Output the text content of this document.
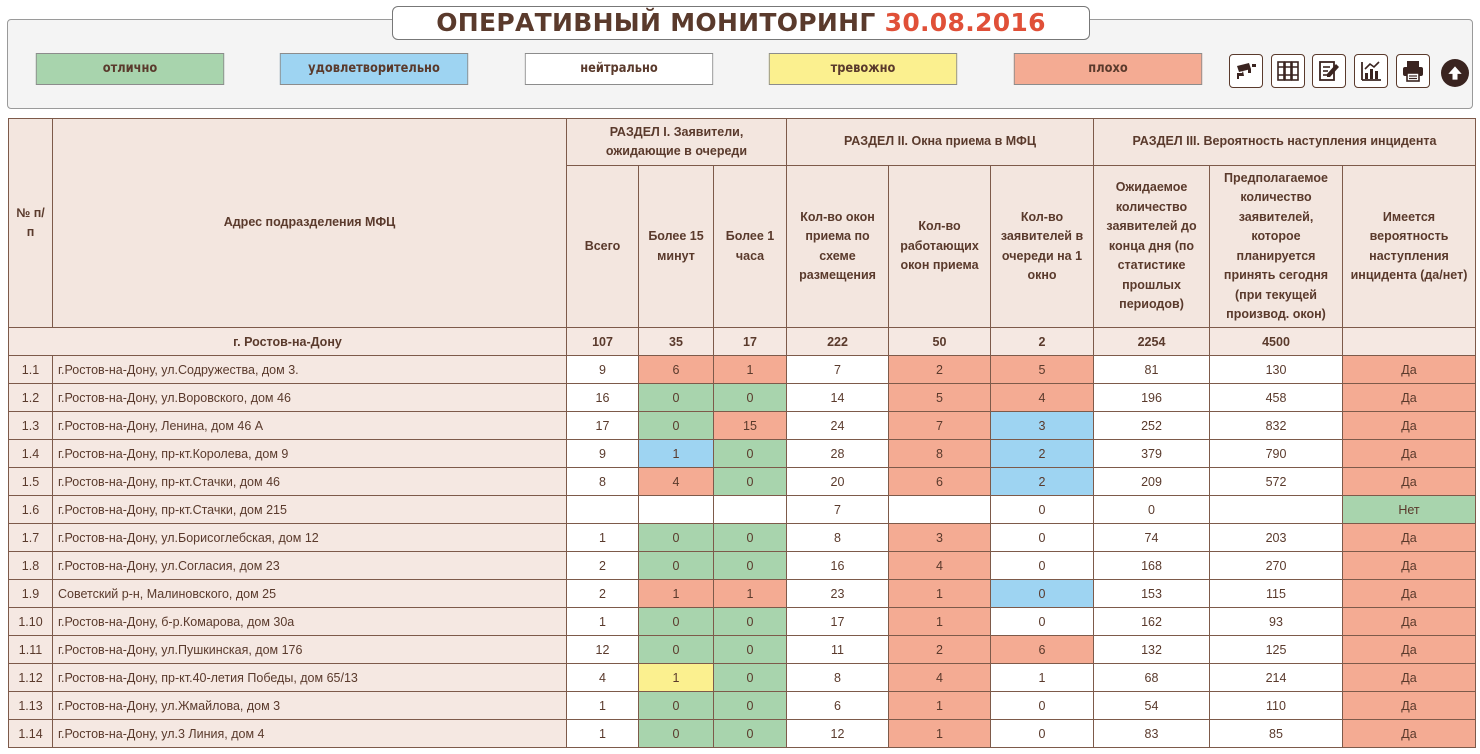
ОПЕРАТИВНЫЙ МОНИТОРИНГ 30.08.2016
отлично	удовлетворительно	нейтрально	тревожно	плохо
№ п/п	Адрес подразделения МФЦ	РАЗДЕЛ I. Заявители, ожидающие в очереди			РАЗДЕЛ II. Окна приема в МФЦ			РАЗДЕЛ III. Вероятность наступления инцидента		
		Всего	Более 15 минут	Более 1 часа	Кол-во окон приема по схеме размещения	Кол-во работающих окон приема	Кол-во заявителей в очереди на 1 окно	Ожидаемое количество заявителей до конца дня (по статистике прошлых периодов)	Предполагаемое количество заявителей, которое планируется принять сегодня (при текущей производ. окон)	Имеется вероятность наступления инцидента (да/нет)
г. Ростов-на-Дону		107	35	17	222	50	2	2254	4500	
1.1	г.Ростов-на-Дону, ул.Содружества, дом 3.	9	6	1	7	2	5	81	130	Да
1.2	г.Ростов-на-Дону, ул.Воровского, дом 46	16	0	0	14	5	4	196	458	Да
1.3	г.Ростов-на-Дону, Ленина, дом 46 А	17	0	15	24	7	3	252	832	Да
1.4	г.Ростов-на-Дону, пр-кт.Королева, дом 9	9	1	0	28	8	2	379	790	Да
1.5	г.Ростов-на-Дону, пр-кт.Стачки, дом 46	8	4	0	20	6	2	209	572	Да
1.6	г.Ростов-на-Дону, пр-кт.Стачки, дом 215				7		0	0		Нет
1.7	г.Ростов-на-Дону, ул.Борисоглебская, дом 12	1	0	0	8	3	0	74	203	Да
1.8	г.Ростов-на-Дону, ул.Согласия, дом 23	2	0	0	16	4	0	168	270	Да
1.9	Советский р-н, Малиновского, дом 25	2	1	1	23	1	0	153	115	Да
1.10	г.Ростов-на-Дону, б-р.Комарова, дом 30а	1	0	0	17	1	0	162	93	Да
1.11	г.Ростов-на-Дону, ул.Пушкинская, дом 176	12	0	0	11	2	6	132	125	Да
1.12	г.Ростов-на-Дону, пр-кт.40-летия Победы, дом 65/13	4	1	0	8	4	1	68	214	Да
1.13	г.Ростов-на-Дону, ул.Жмайлова, дом 3	1	0	0	6	1	0	54	110	Да
1.14	г.Ростов-на-Дону, ул.3 Линия, дом 4	1	0	0	12	1	0	83	85	Да
